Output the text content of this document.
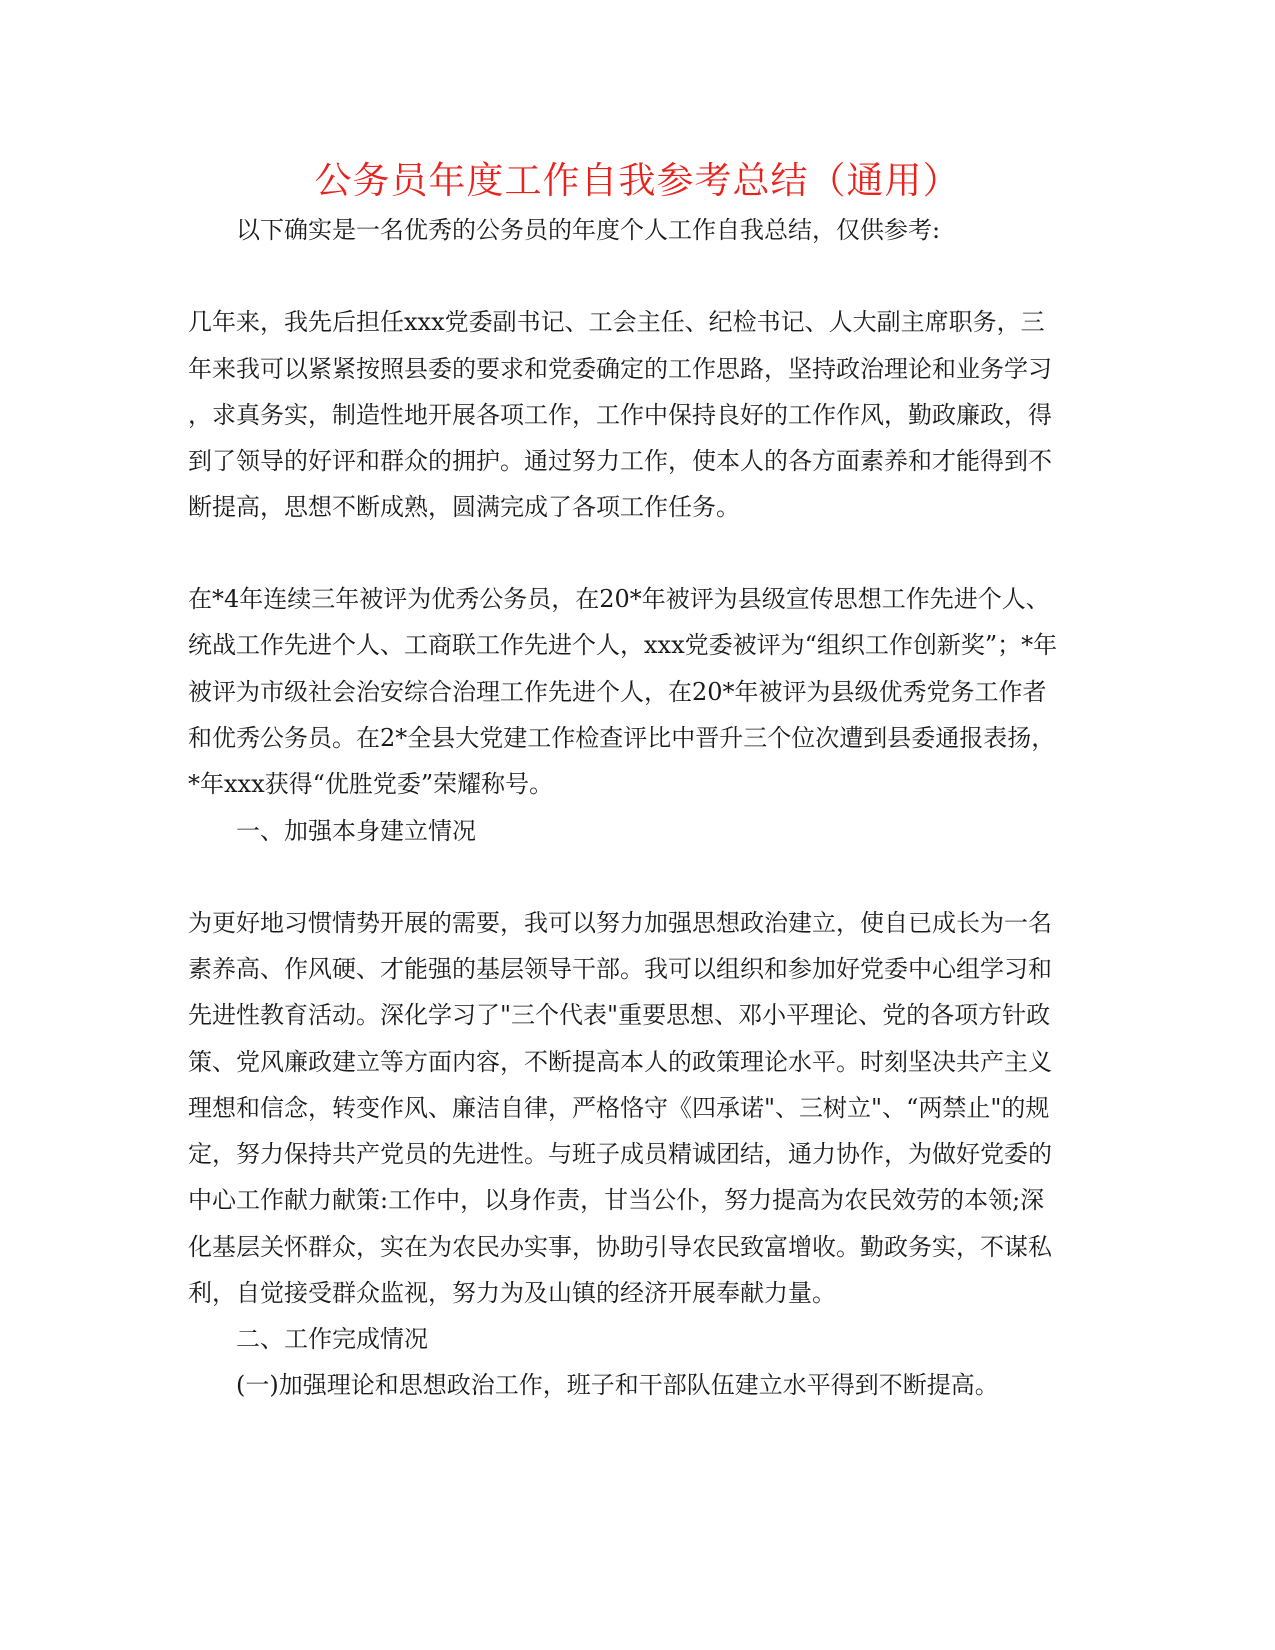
公务员年度工作自我参考总结（通用）

以下确实是一名优秀的公务员的年度个人工作自我总结，仅供参考:

几年来，我先后担任xxx党委副书记、工会主任、纪检书记、人大副主席职务，三

年来我可以紧紧按照县委的要求和党委确定的工作思路，坚持政治理论和业务学习

，求真务实，制造性地开展各项工作，工作中保持良好的工作作风，勤政廉政，得

到了领导的好评和群众的拥护。通过努力工作，使本人的各方面素养和才能得到不

断提高，思想不断成熟，圆满完成了各项工作任务。

在*4年连续三年被评为优秀公务员，在20*年被评为县级宣传思想工作先进个人、

统战工作先进个人、工商联工作先进个人，xxx党委被评为“组织工作创新奖”；*年

被评为市级社会治安综合治理工作先进个人，在20*年被评为县级优秀党务工作者

和优秀公务员。在2*全县大党建工作检查评比中晋升三个位次遭到县委通报表扬，

*年xxx获得“优胜党委”荣耀称号。

一、加强本身建立情况

为更好地习惯情势开展的需要，我可以努力加强思想政治建立，使自已成长为一名

素养高、作风硬、才能强的基层领导干部。我可以组织和参加好党委中心组学习和

先进性教育活动。深化学习了"三个代表"重要思想、邓小平理论、党的各项方针政

策、党风廉政建立等方面内容，不断提高本人的政策理论水平。时刻坚决共产主义

理想和信念，转变作风、廉洁自律，严格恪守《四承诺"、三树立"、“两禁止"的规

定，努力保持共产党员的先进性。与班子成员精诚团结，通力协作，为做好党委的

中心工作献力献策:工作中，以身作责，甘当公仆，努力提高为农民效劳的本领;深

化基层关怀群众，实在为农民办实事，协助引导农民致富增收。勤政务实，不谋私

利，自觉接受群众监视，努力为及山镇的经济开展奉献力量。

二、工作完成情况

(一)加强理论和思想政治工作，班子和干部队伍建立水平得到不断提高。
